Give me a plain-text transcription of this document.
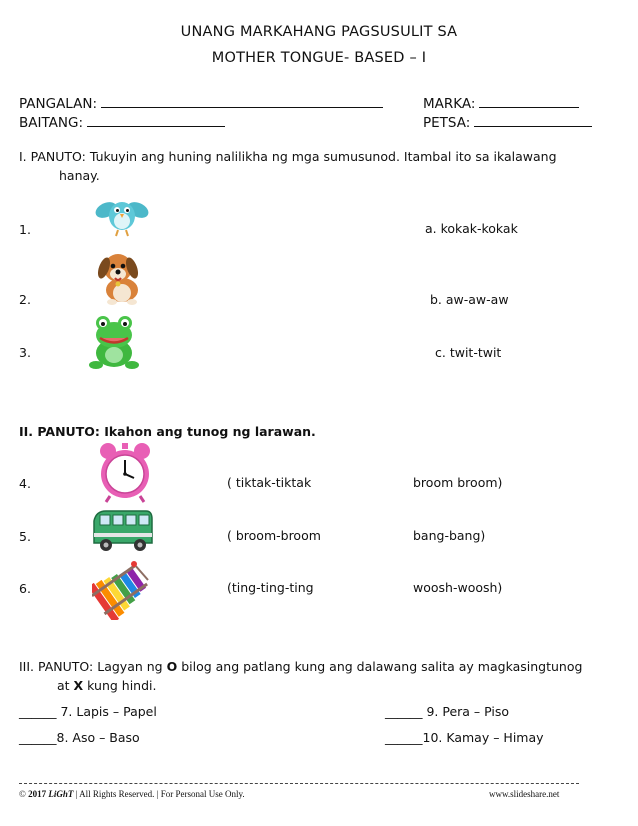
UNANG MARKAHANG PAGSUSULIT SA
MOTHER TONGUE- BASED – I
PANGALAN:	MARKA:
BAITANG:	PETSA:
I. PANUTO: Tukuyin ang huning nalilikha ng mga sumusunod. Itambal ito sa ikalawang
hanay.
1.	a. kokak-kokak
2.	b. aw-aw-aw
3.	c. twit-twit
II. PANUTO: Ikahon ang tunog ng larawan.
4.	( tiktak-tiktak	broom broom)
5.	( broom-broom	bang-bang)
6.	(ting-ting-ting	woosh-woosh)
III. PANUTO: Lagyan ng O bilog ang patlang kung ang dalawang salita ay magkasingtunog
at X kung hindi.
______ 7. Lapis – Papel	______ 9. Pera – Piso
______8. Aso – Baso	______10. Kamay – Himay
© 2017 LiGhT | All Rights Reserved. | For Personal Use Only.	www.slideshare.net
